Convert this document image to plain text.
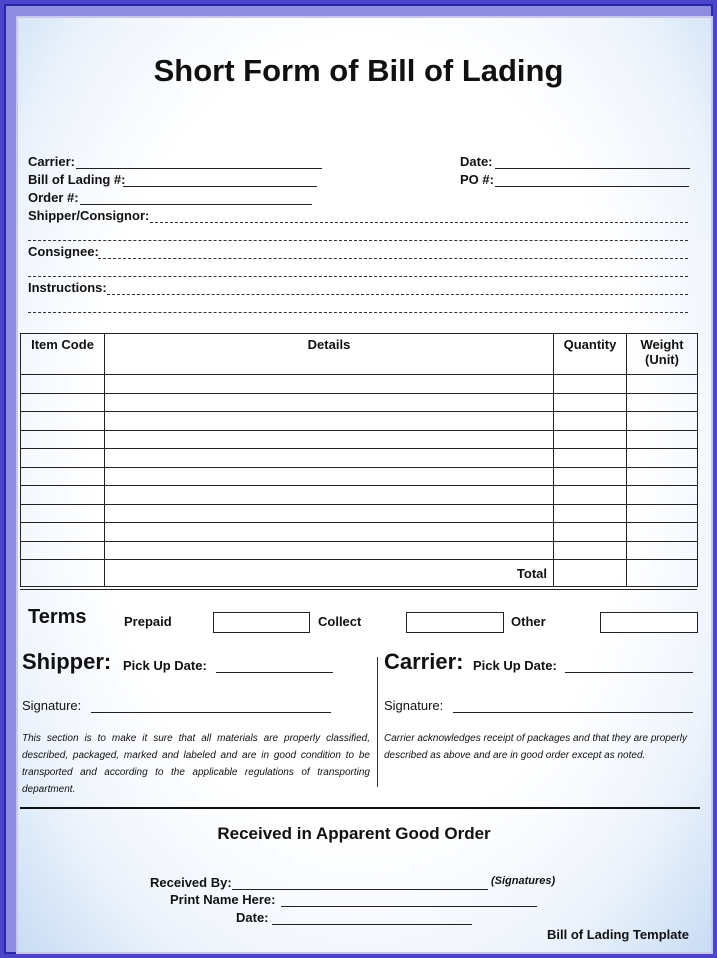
Short Form of Bill of Lading
Carrier:
Bill of Lading #:
Order #:
Date:
PO #:
Shipper/Consignor:
Consignee:
Instructions:
Item Code	Details	Quantity	Weight (Unit)

	Total		
Terms	Prepaid	Collect	Other
Shipper: Pick Up Date:
Signature:
This section is to make it sure that all materials are properly classified, described, packaged, marked and labeled and are in good condition to be transported and according to the applicable regulations of transporting department.
Carrier: Pick Up Date:
Signature:
Carrier acknowledges receipt of packages and that they are properly described as above and are in good order except as noted.
Received in Apparent Good Order
Received By:	(Signatures)
Print Name Here:
Date:
Bill of Lading Template
